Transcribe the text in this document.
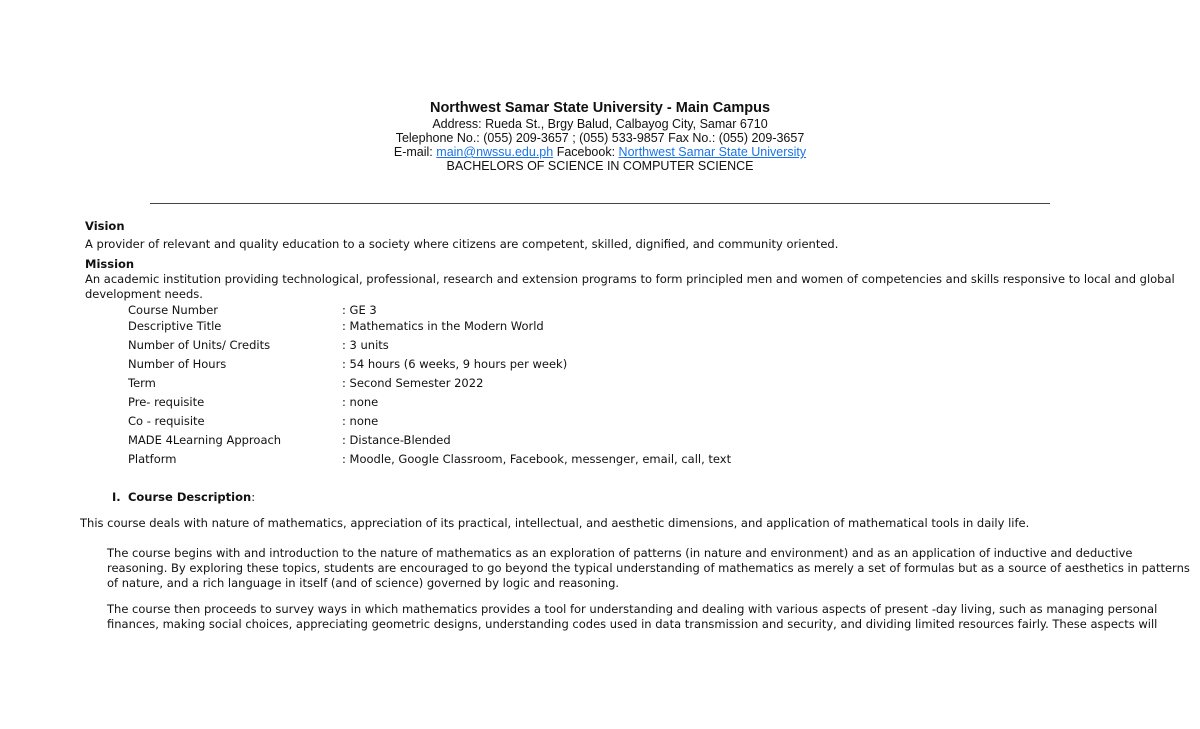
Northwest Samar State University - Main Campus
Address: Rueda St., Brgy Balud, Calbayog City, Samar 6710
Telephone No.: (055) 209-3657 ; (055) 533-9857 Fax No.: (055) 209-3657
E-mail: main@nwssu.edu.ph Facebook: Northwest Samar State University
BACHELORS OF SCIENCE IN COMPUTER SCIENCE
Vision
A provider of relevant and quality education to a society where citizens are competent, skilled, dignified, and community oriented.
Mission
An academic institution providing technological, professional, research and extension programs to form principled men and women of competencies and skills responsive to local and global
development needs.
Course Number	: GE 3
Descriptive Title	: Mathematics in the Modern World
Number of Units/ Credits	: 3 units
Number of Hours	: 54 hours (6 weeks, 9 hours per week)
Term	: Second Semester 2022
Pre- requisite	: none
Co - requisite	: none
MADE 4Learning Approach	: Distance-Blended
Platform	: Moodle, Google Classroom, Facebook, messenger, email, call, text
I. Course Description:
This course deals with nature of mathematics, appreciation of its practical, intellectual, and aesthetic dimensions, and application of mathematical tools in daily life.
The course begins with and introduction to the nature of mathematics as an exploration of patterns (in nature and environment) and as an application of inductive and deductive
reasoning. By exploring these topics, students are encouraged to go beyond the typical understanding of mathematics as merely a set of formulas but as a source of aesthetics in patterns
of nature, and a rich language in itself (and of science) governed by logic and reasoning.
The course then proceeds to survey ways in which mathematics provides a tool for understanding and dealing with various aspects of present -day living, such as managing personal
finances, making social choices, appreciating geometric designs, understanding codes used in data transmission and security, and dividing limited resources fairly. These aspects will
